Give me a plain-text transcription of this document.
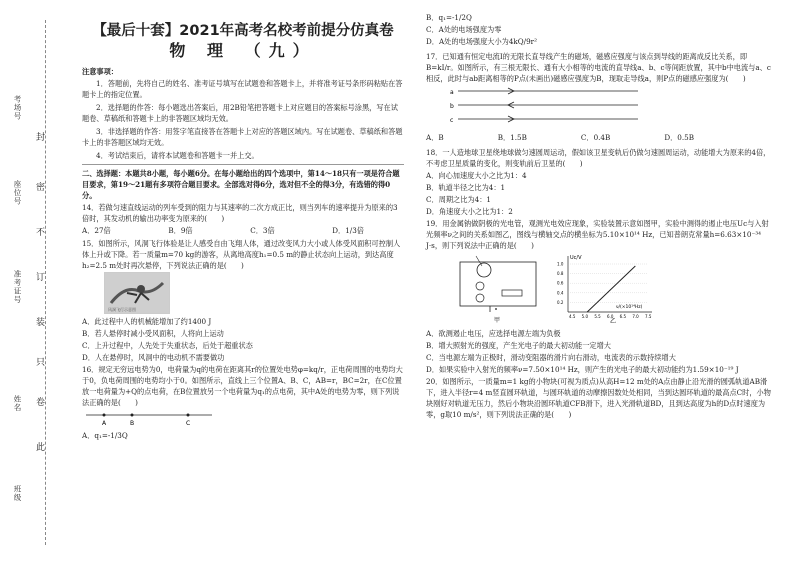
考场号
座位号
准考证号
姓名
班级
封
密
不
订
装
只
卷
此

【最后十套】2021年高考名校考前提分仿真卷

物 理 （九）

注意事项：

1．答题前，先将自己的姓名、准考证号填写在试题卷和答题卡上，并将准考证号条形码粘贴在答题卡上的指定位置。

2．选择题的作答：每小题选出答案后，用2B铅笔把答题卡上对应题目的答案标号涂黑，写在试题卷、草稿纸和答题卡上的非答题区域均无效。

3．非选择题的作答：用签字笔直接答在答题卡上对应的答题区域内。写在试题卷、草稿纸和答题卡上的非答题区域均无效。

4．考试结束后，请将本试题卷和答题卡一并上交。

二、选择题：本题共8小题，每小题6分。在每小题给出的四个选项中，第14～18只有一项是符合题目要求，第19～21题有多项符合题目要求。全部选对得6分，选对但不全的得3分，有选错的得0分。

14．若做匀速直线运动的列车受到的阻力与其速率的二次方成正比，则当列车的速率提升为原来的3倍时，其发动机的输出功率变为原来的(　　)

A．27倍	B．9倍	C．3倍	D．1/3倍

15．如图所示，风洞飞行体验是让人感受自由飞翔人体，通过改变风力大小或人体受风面积可控制人体上升或下降。若一质量m=70 kg的游客，从离地高度h₁=0.5 m的静止状态向上运动，到达高度h₂=2.5 m处时再次悬停，下列说法正确的是(　　)

风洞飞行示意图

A．此过程中人的机械能增加了约1400 J

B．若人悬停时减小受风面积，人将向上运动

C．上升过程中，人先处于失重状态，后处于超重状态

D．人在悬停时，风洞中的电动机不需要做功

16．规定无穷远电势为0，电荷量为q的电荷在距离其r的位置处电势φ=kq/r，正电荷周围的电势均大于0，负电荷周围的电势均小于0。如图所示，直线上三个位置A、B、C，AB=r，BC=2r，在C位置放一电荷量为+Q的点电荷，在B位置放另一个电荷量为q₁的点电荷，其中A处的电势为零，则下列说法正确的是(　　)

A	B	C

A．q₁=-1/3Q

B．q₁=-1/2Q

C．A处的电场强度为零

D．A处的电场强度大小为4kQ/9r²

17．已知通有恒定电流I的无限长直导线产生的磁场，磁感应强度与该点到导线的距离成反比关系，即B=kI/r。如图所示，有三根无限长、通有大小相等的电流的直导线a、b、c等间距放置，其中b中电流与a、c相反，此时与ab距离相等的P点(未画出)磁感应强度为B，现取走导线a，则P点的磁感应强度为(　　)

a
b
c
A．B	B．1.5B	C．0.4B	D．0.5B

18．一人造地球卫星绕地球做匀速圆周运动，假如该卫星变轨后仍做匀速圆周运动，动能增大为原来的4倍，不考虑卫星质量的变化，则变轨前后卫星的(　　)

A．向心加速度大小之比为1：4

B．轨道半径之比为4：1

C．周期之比为4：1

D．角速度大小之比为1：2

19．用金属钠做阴极的光电管，观测光电效应现象，实验装置示意如图甲，实验中测得的遏止电压Uc与入射光频率ν之间的关系如图乙，图线与横轴交点的横坐标为5.10×10¹⁴ Hz，已知普朗克常量h=6.63×10⁻³⁴ J·s，则下列说法中正确的是(　　)

甲
Uc/V
ν/(×10¹⁴Hz)
4.5 5.0 5.5 6.0 6.5 7.0 7.5
1.0
0.8
0.6
0.4
0.2
乙

A．欲测遏止电压，应选择电源左端为负极

B．增大照射光的强度，产生光电子的最大初动能一定增大

C．当电源左端为正极时，滑动变阻器的滑片向右滑动，电流表的示数持续增大

D．如果实验中入射光的频率ν=7.50×10¹⁴ Hz，则产生的光电子的最大初动能约为1.59×10⁻¹⁹ J

20．如图所示，一质量m=1 kg的小物块(可视为质点)从高H=12 m处的A点由静止沿光滑的圆弧轨道AB滑下，进入半径r=4 m竖直圆环轨道，与圆环轨道的动摩擦因数处处相同，当到达圆环轨道的最高点C时，小物块刚好对轨道无压力，然后小物块沿圆环轨道CFB滑下，进入光滑轨道BD，且到达高度为h的D点时速度为零，g取10 m/s²，则下列说法正确的是(　　)
